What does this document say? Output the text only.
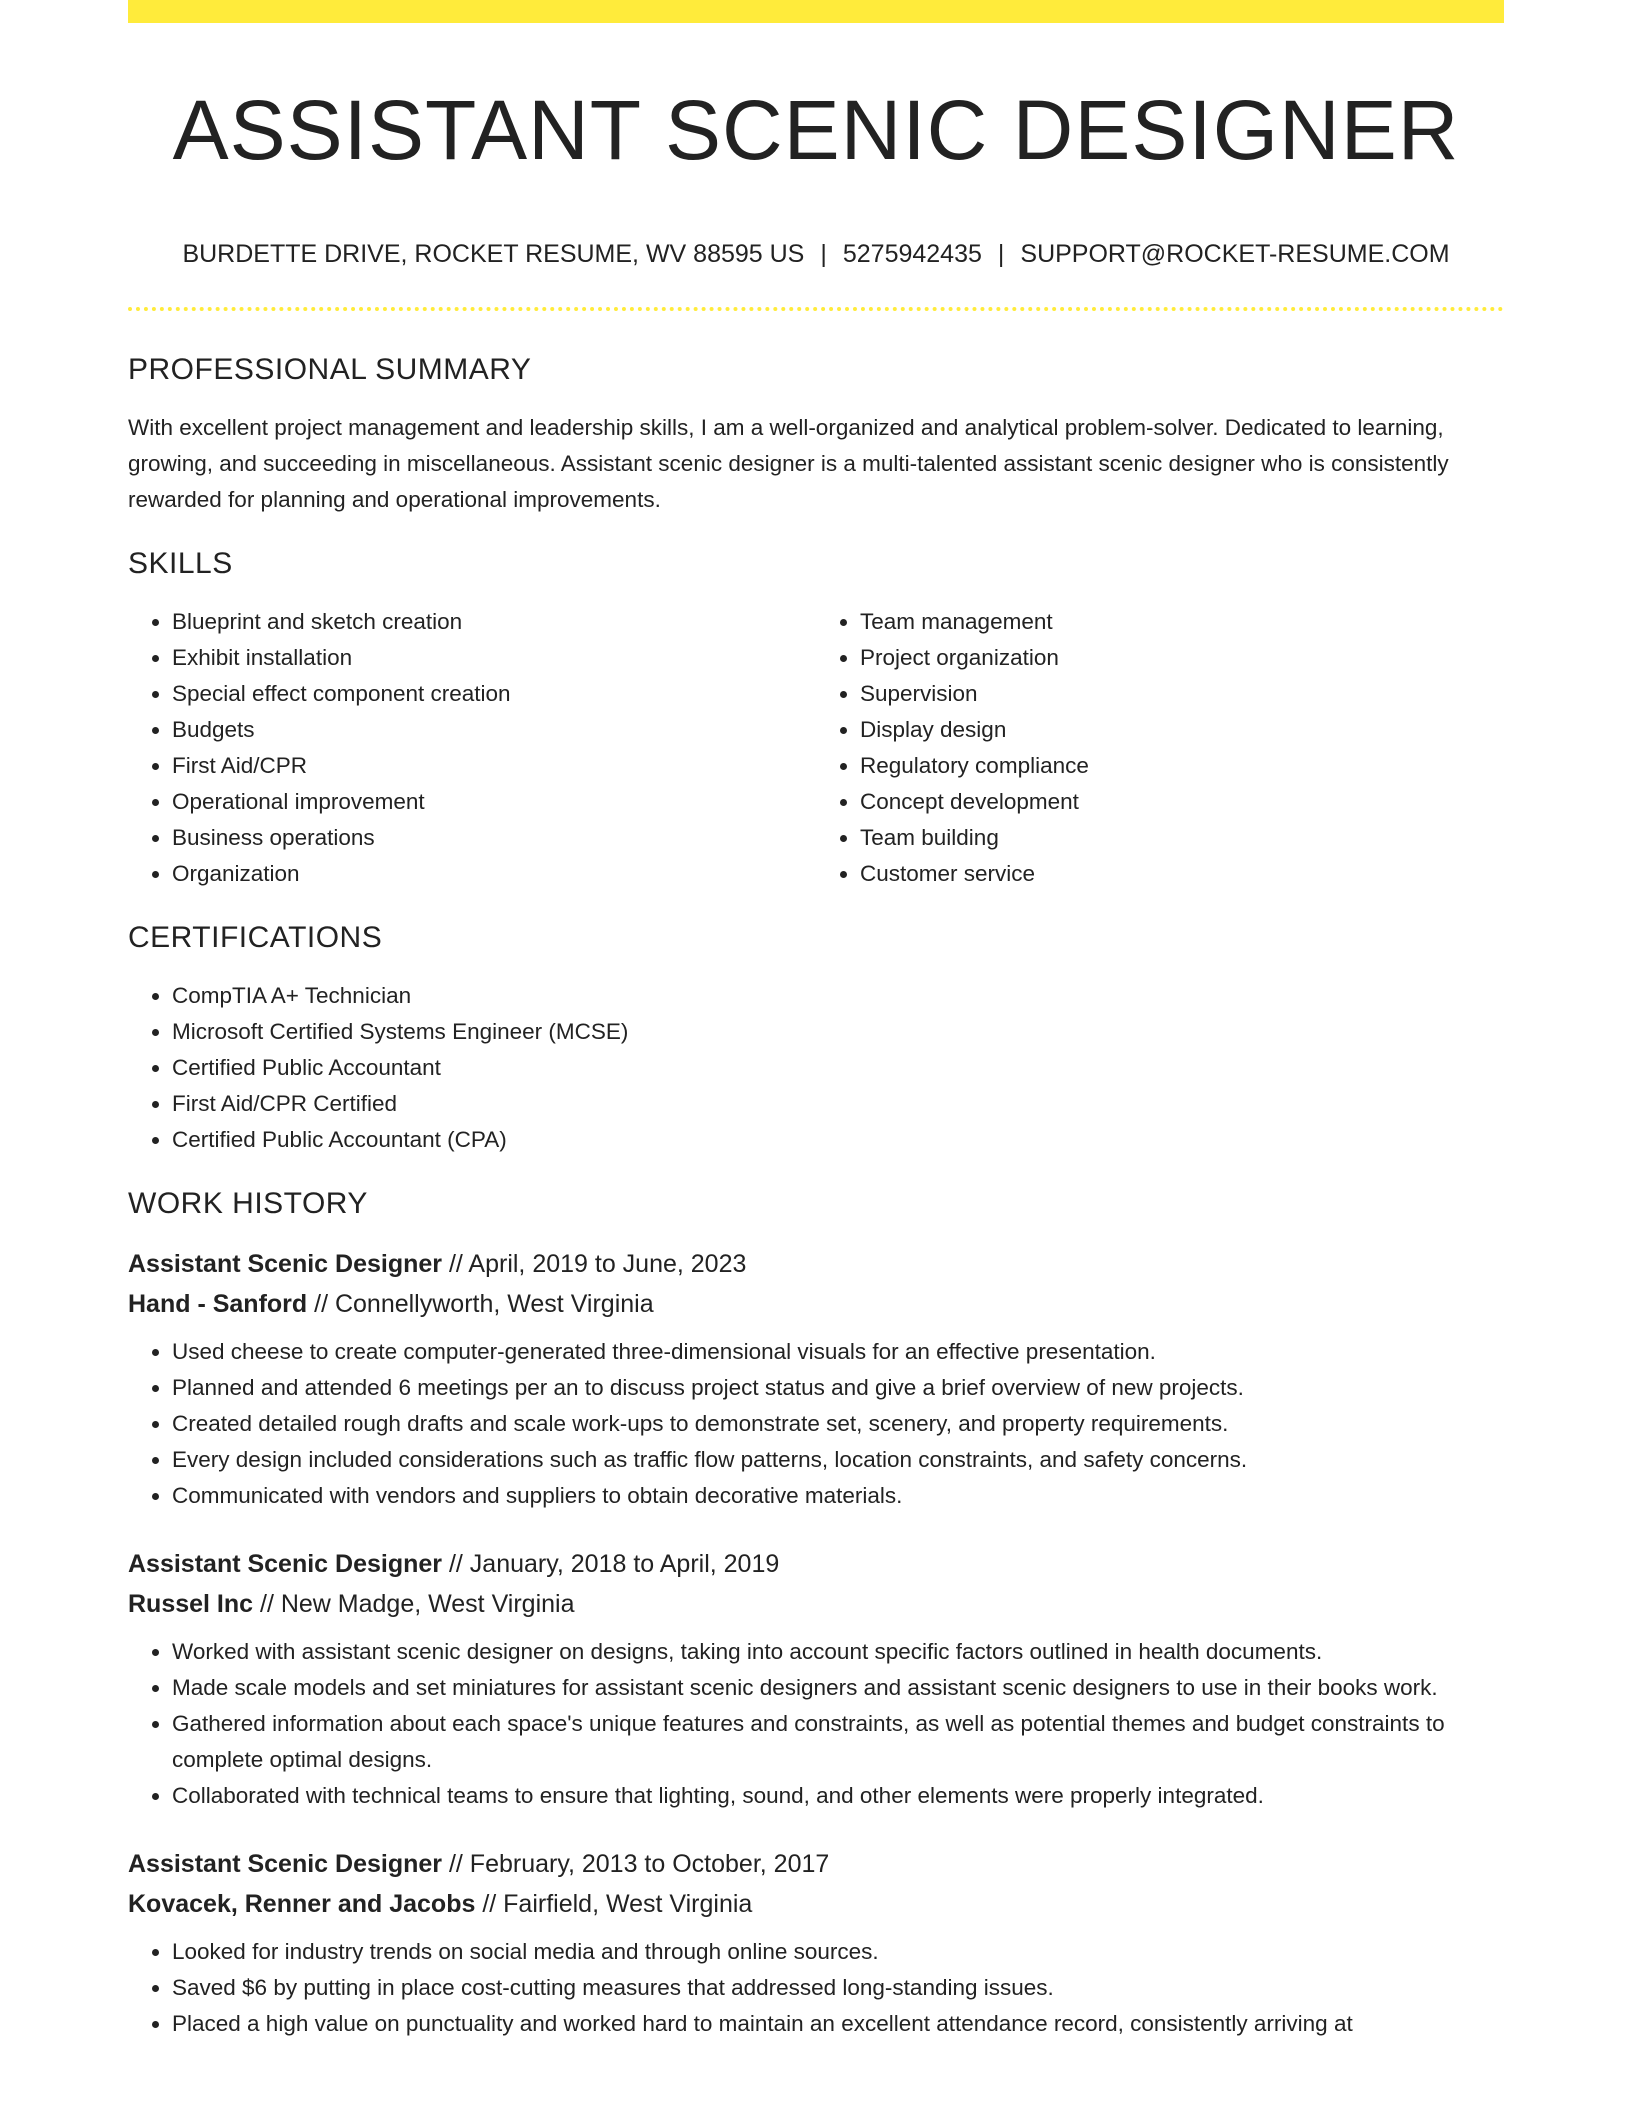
ASSISTANT SCENIC DESIGNER
BURDETTE DRIVE, ROCKET RESUME, WV 88595 US | 5275942435 | SUPPORT@ROCKET-RESUME.COM
PROFESSIONAL SUMMARY

With excellent project management and leadership skills, I am a well-organized and analytical problem-solver. Dedicated to learning, growing, and succeeding in miscellaneous. Assistant scenic designer is a multi-talented assistant scenic designer who is consistently rewarded for planning and operational improvements.

SKILLS
• Blueprint and sketch creation
• Exhibit installation
• Special effect component creation
• Budgets
• First Aid/CPR
• Operational improvement
• Business operations
• Organization
• Team management
• Project organization
• Supervision
• Display design
• Regulatory compliance
• Concept development
• Team building
• Customer service
CERTIFICATIONS
• CompTIA A+ Technician
• Microsoft Certified Systems Engineer (MCSE)
• Certified Public Accountant
• First Aid/CPR Certified
• Certified Public Accountant (CPA)
WORK HISTORY

Assistant Scenic Designer // April, 2019 to June, 2023

Hand - Sanford // Connellyworth, West Virginia

• Used cheese to create computer-generated three-dimensional visuals for an effective presentation.
• Planned and attended 6 meetings per an to discuss project status and give a brief overview of new projects.
• Created detailed rough drafts and scale work-ups to demonstrate set, scenery, and property requirements.
• Every design included considerations such as traffic flow patterns, location constraints, and safety concerns.
• Communicated with vendors and suppliers to obtain decorative materials.

Assistant Scenic Designer // January, 2018 to April, 2019

Russel Inc // New Madge, West Virginia

• Worked with assistant scenic designer on designs, taking into account specific factors outlined in health documents.
• Made scale models and set miniatures for assistant scenic designers and assistant scenic designers to use in their books work.
• Gathered information about each space's unique features and constraints, as well as potential themes and budget constraints to complete optimal designs.
• Collaborated with technical teams to ensure that lighting, sound, and other elements were properly integrated.

Assistant Scenic Designer // February, 2013 to October, 2017

Kovacek, Renner and Jacobs // Fairfield, West Virginia

• Looked for industry trends on social media and through online sources.
• Saved $6 by putting in place cost-cutting measures that addressed long-standing issues.
• Placed a high value on punctuality and worked hard to maintain an excellent attendance record, consistently arriving at
